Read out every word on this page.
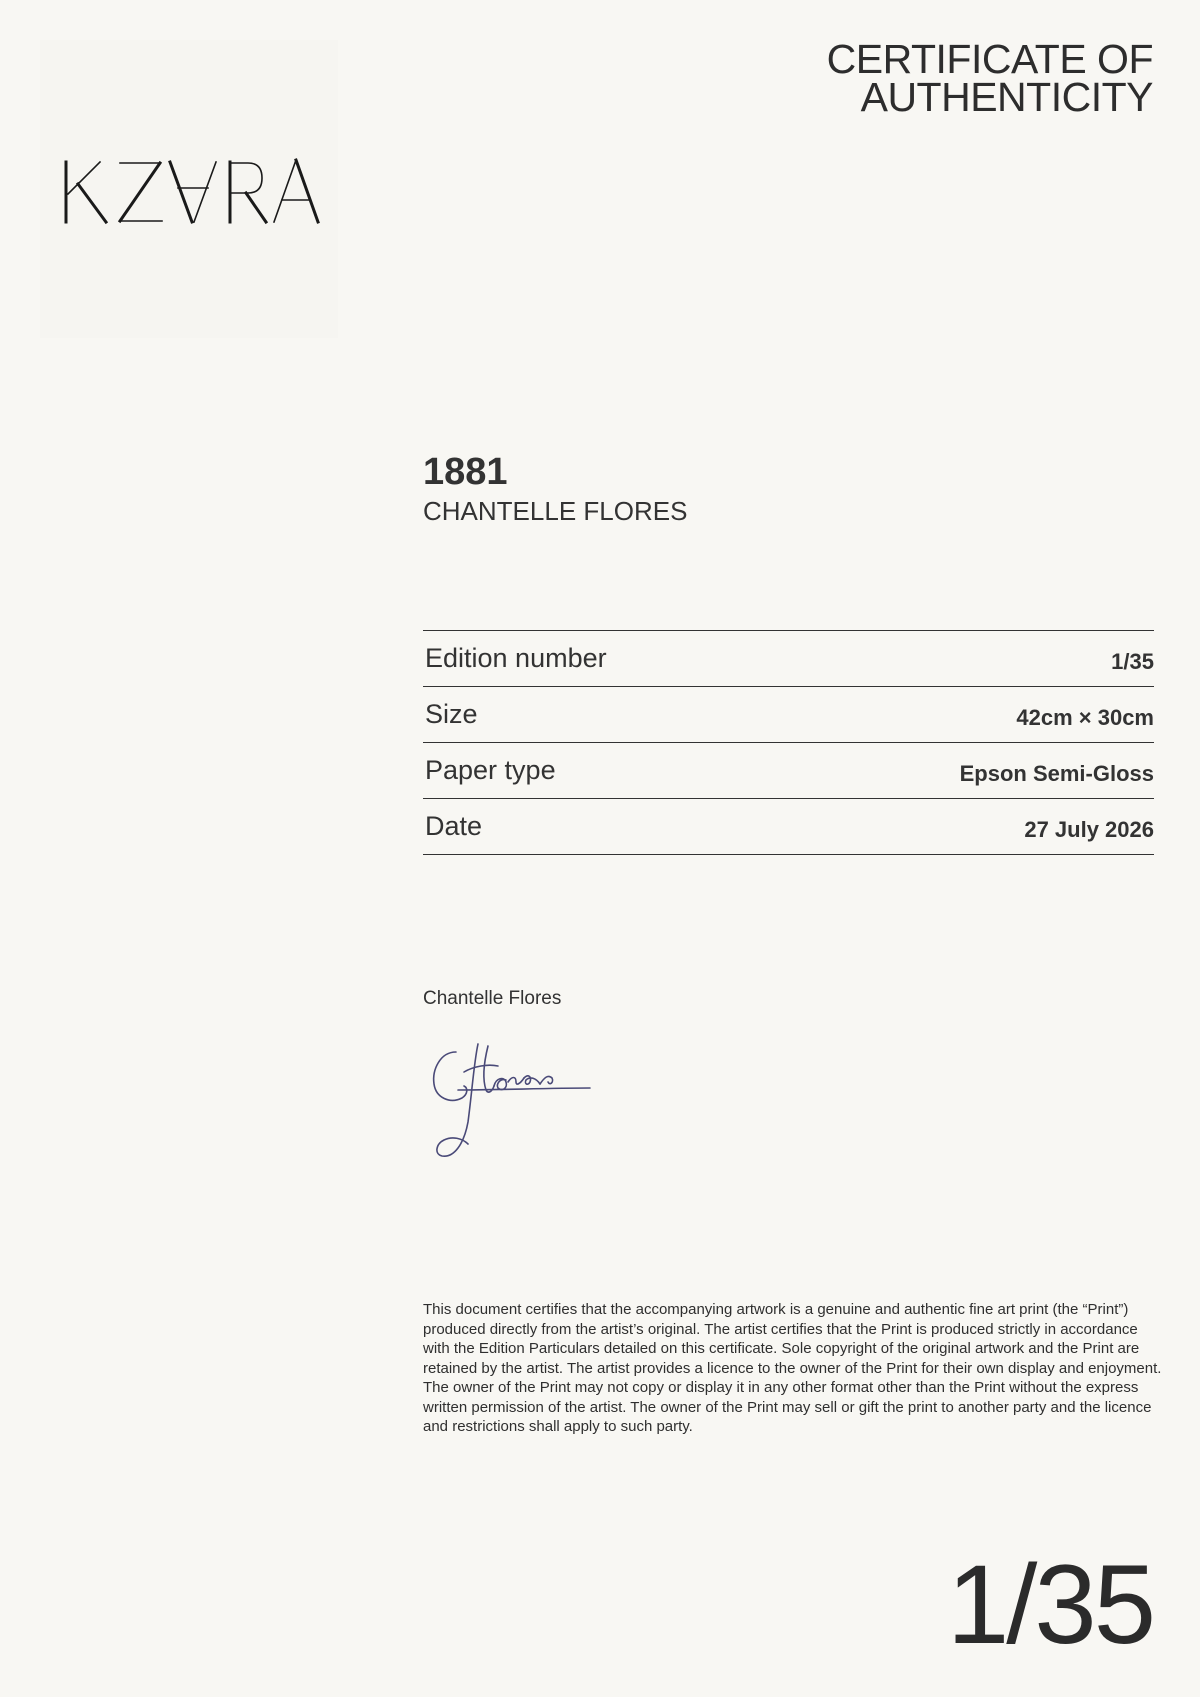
CERTIFICATE OF
AUTHENTICITY
1881
CHANTELLE FLORES
Edition number	1/35
Size	42cm × 30cm
Paper type	Epson Semi-Gloss
Date	27 July 2026
Chantelle Flores
This document certifies that the accompanying artwork is a genuine and authentic fine art print (the “Print”) produced directly from the artist’s original. The artist certifies that the Print is produced strictly in accordance with the Edition Particulars detailed on this certificate. Sole copyright of the original artwork and the Print are retained by the artist. The artist provides a licence to the owner of the Print for their own display and enjoyment. The owner of the Print may not copy or display it in any other format other than the Print without the express written permission of the artist. The owner of the Print may sell or gift the print to another party and the licence and restrictions shall apply to such party.
1/35
